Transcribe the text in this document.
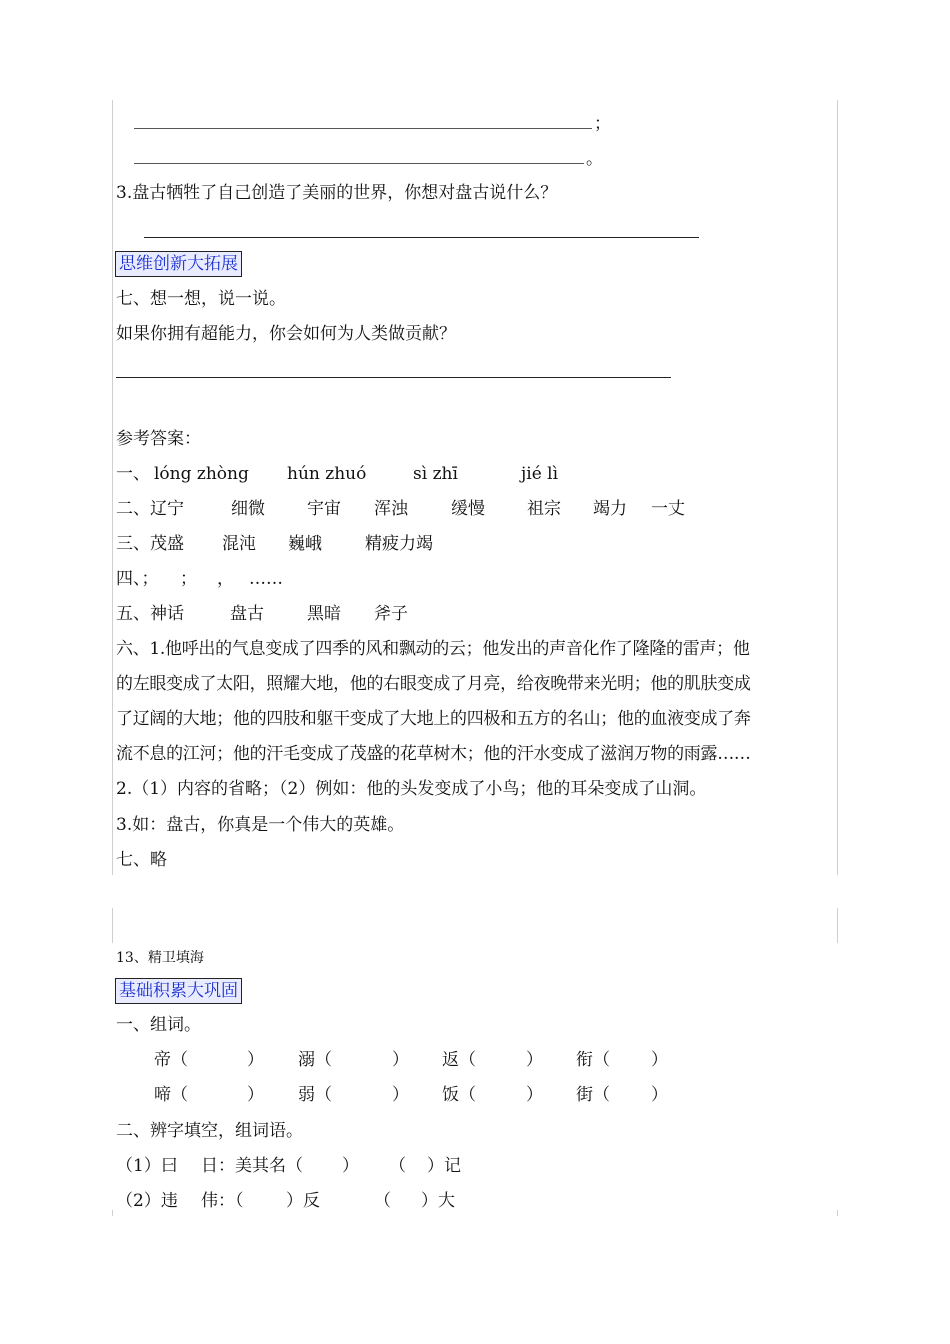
；
。
3.盘古牺牲了自己创造了美丽的世界，你想对盘古说什么？
思维创新大拓展
七、想一想，说一说。
如果你拥有超能力，你会如何为人类做贡献？
参考答案：
一、 lóng zhòng hún zhuó	sì zhī	jié lì
二、辽宁	细微 宇宙 浑浊	缓慢 祖宗 竭力 一丈
三、茂盛 混沌 巍峨	精疲力竭
四、； ； ， ……
五、神话	盘古	黑暗 斧子
六、1.他呼出的气息变成了四季的风和飘动的云；他发出的声音化作了隆隆的雷声；他
的左眼变成了太阳，照耀大地，他的右眼变成了月亮，给夜晚带来光明；他的肌肤变成
了辽阔的大地；他的四肢和躯干变成了大地上的四极和五方的名山；他的血液变成了奔
流不息的江河；他的汗毛变成了茂盛的花草树木；他的汗水变成了滋润万物的雨露……
2.（1）内容的省略；（2）例如：他的头发变成了小鸟；他的耳朵变成了山洞。
3.如：盘古，你真是一个伟大的英雄。
七、略
13、精卫填海
基础积累大巩固
一、组词。
帝（	） 溺（	） 返（	） 衔（ ）
啼（	） 弱（	） 饭（	） 街（ ）
二、辨字填空，组词语。
（1）曰 日：美其名（ ） （ ）记
（2）违 伟：（	）反	（ ）大
